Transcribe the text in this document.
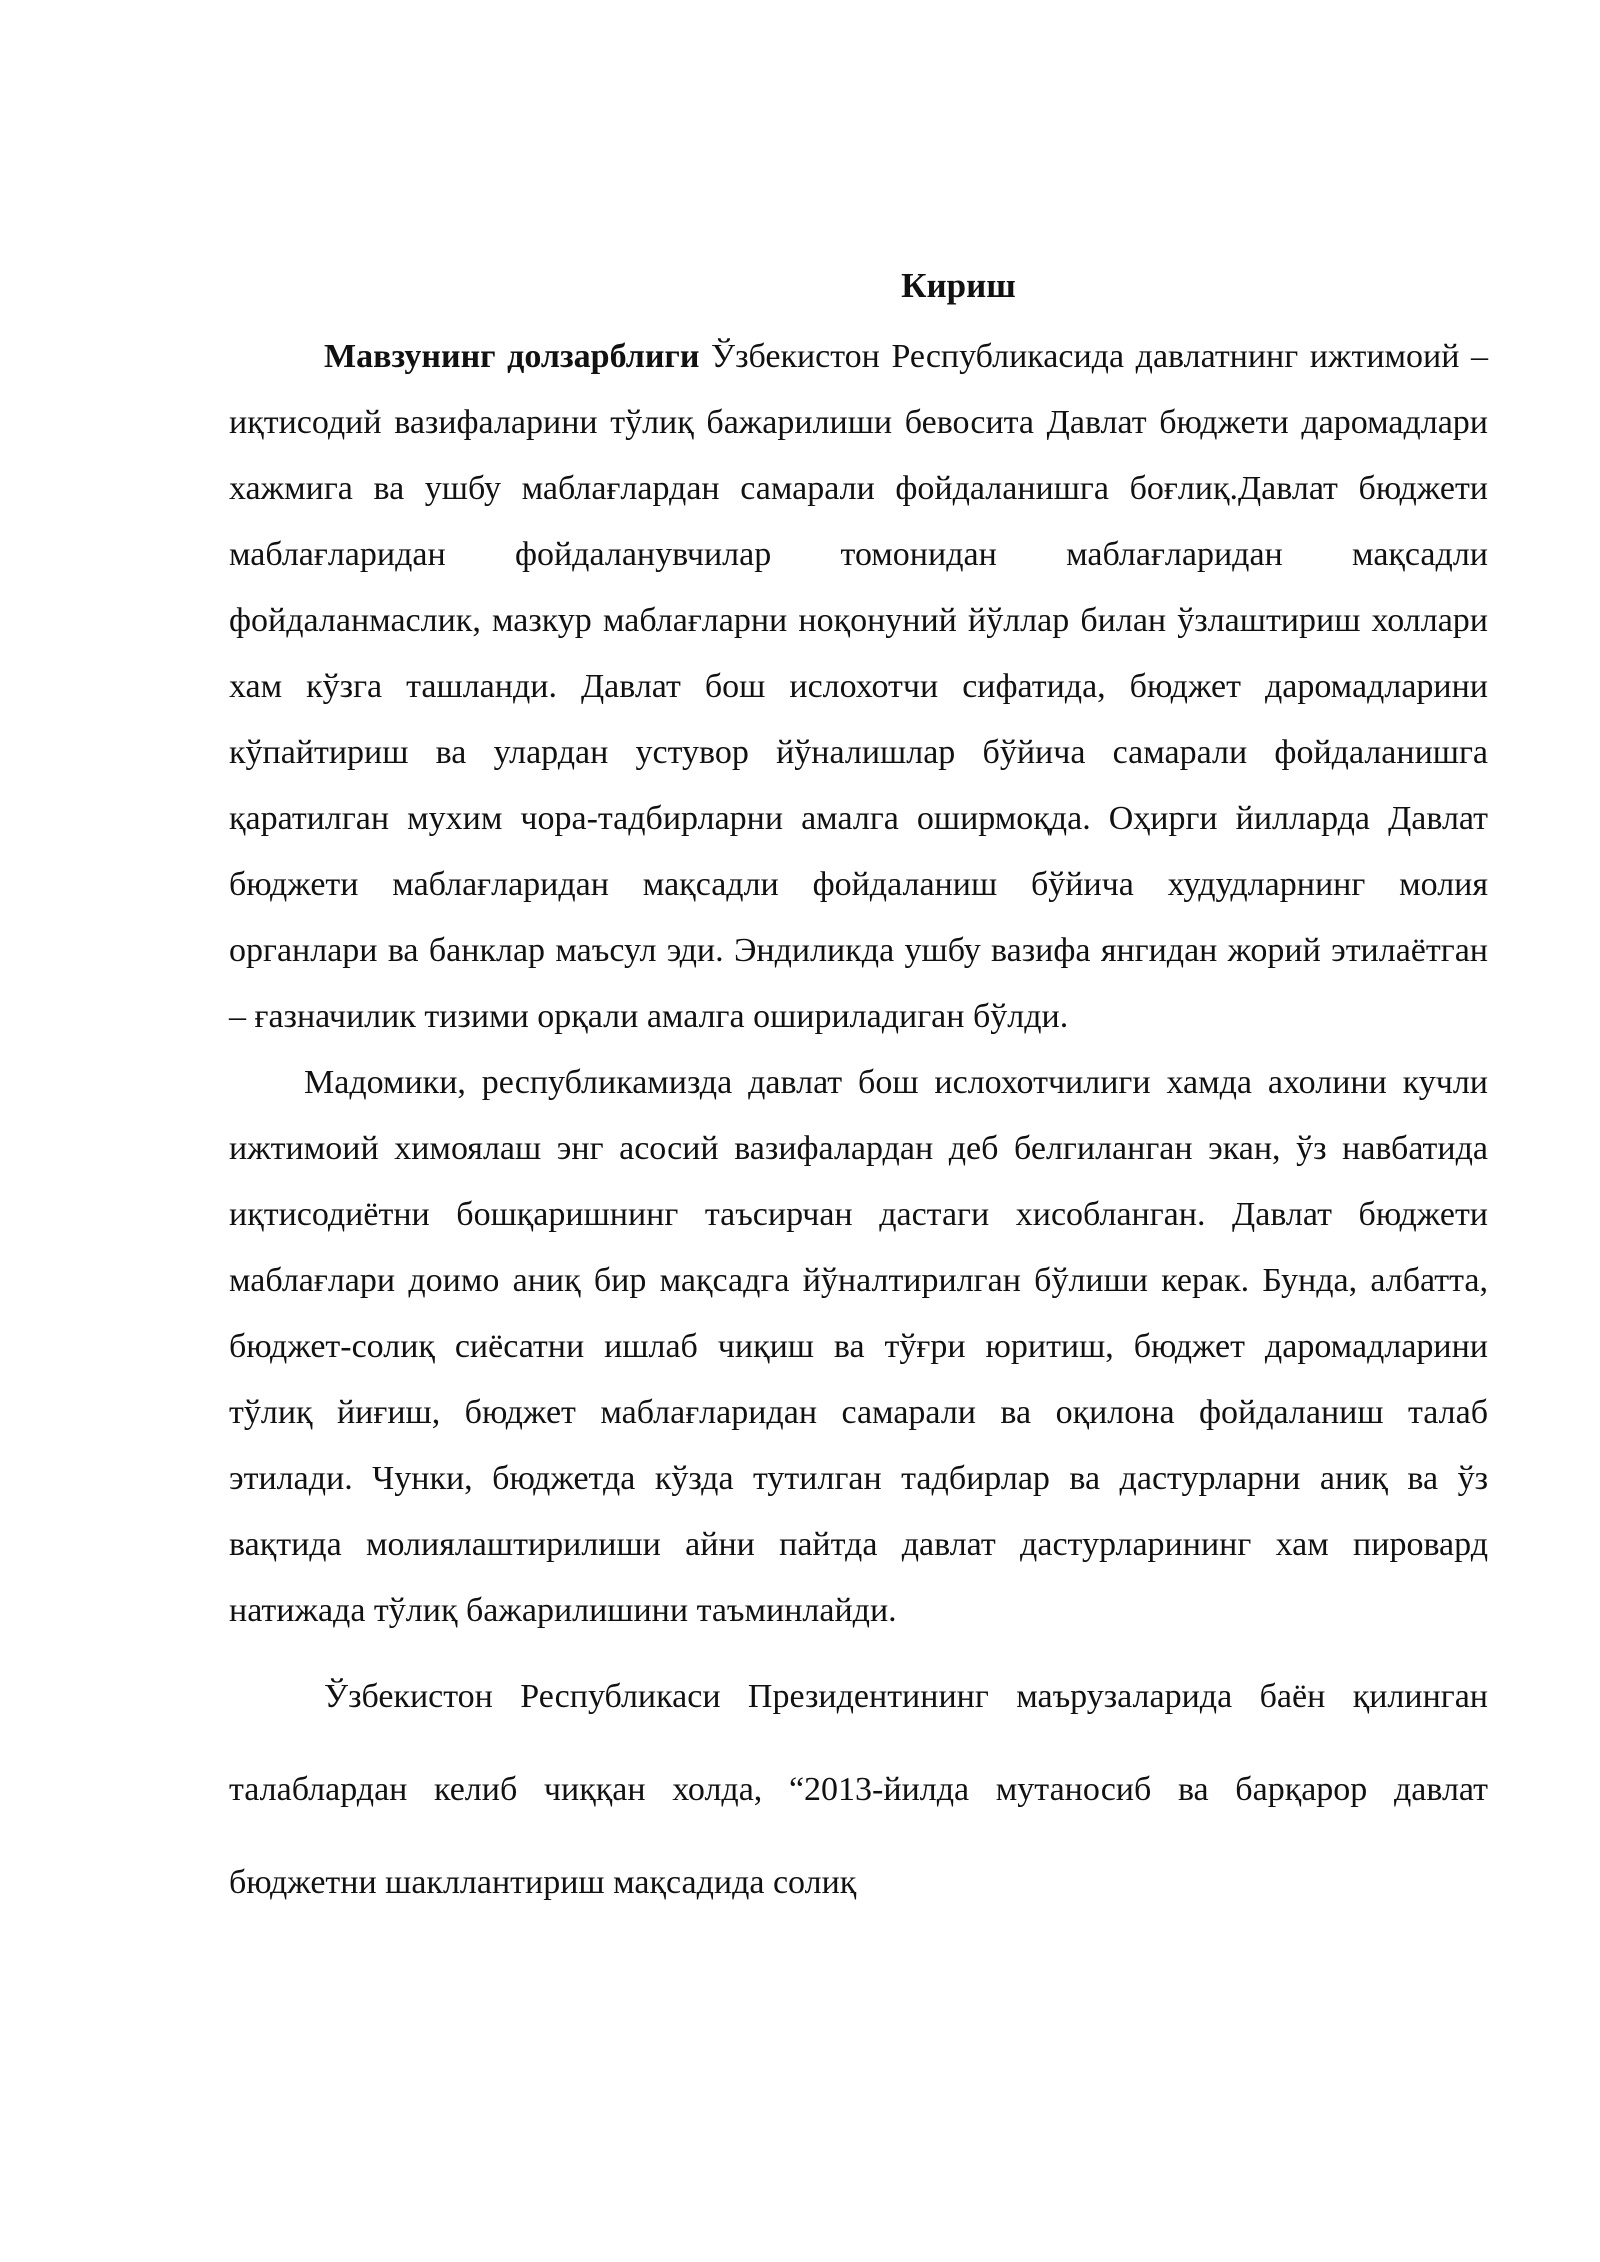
Кириш

Мавзунинг долзарблиги Ўзбекистон Республикасида давлатнинг ижтимоий – иқтисодий вазифаларини тўлиқ бажарилиши бевосита Давлат бюджети даромадлари хажмига ва ушбу маблағлардан самарали фойдаланишга боғлиқ.Давлат бюджети маблағларидан фойдаланувчилар томонидан маблағларидан мақсадли фойдаланмаслик, мазкур маблағларни ноқонуний йўллар билан ўзлаштириш холлари хам кўзга ташланди. Давлат бош ислохотчи сифатида, бюджет даромадларини кўпайтириш ва улардан устувор йўналишлар бўйича самарали фойдаланишга қаратилган мухим чора-тадбирларни амалга оширмоқда. Оҳирги йилларда Давлат бюджети маблағларидан мақсадли фойдаланиш бўйича худудларнинг молия органлари ва банклар маъсул эди. Эндиликда ушбу вазифа янгидан жорий этилаётган – ғазначилик тизими орқали амалга ошириладиган бўлди.

Мадомики, республикамизда давлат бош ислохотчилиги хамда ахолини кучли ижтимоий химоялаш энг асосий вазифалардан деб белгиланган экан, ўз навбатида иқтисодиётни бошқаришнинг таъсирчан дастаги хисобланган. Давлат бюджети маблағлари доимо аниқ бир мақсадга йўналтирилган бўлиши керак. Бунда, албатта, бюджет-солиқ сиёсатни ишлаб чиқиш ва тўғри юритиш, бюджет даромадларини тўлиқ йиғиш, бюджет маблағларидан самарали ва оқилона фойдаланиш талаб этилади. Чунки, бюджетда кўзда тутилган тадбирлар ва дастурларни аниқ ва ўз вақтида молиялаштирилиши айни пайтда давлат дастурларининг хам пировард натижада тўлиқ бажарилишини таъминлайди.

Ўзбекистон Республикаси Президентининг маърузаларида баён қилинган талаблардан келиб чиққан холда, “2013-йилда мутаносиб ва барқарор давлат бюджетни шакллантириш мақсадида солиқ
